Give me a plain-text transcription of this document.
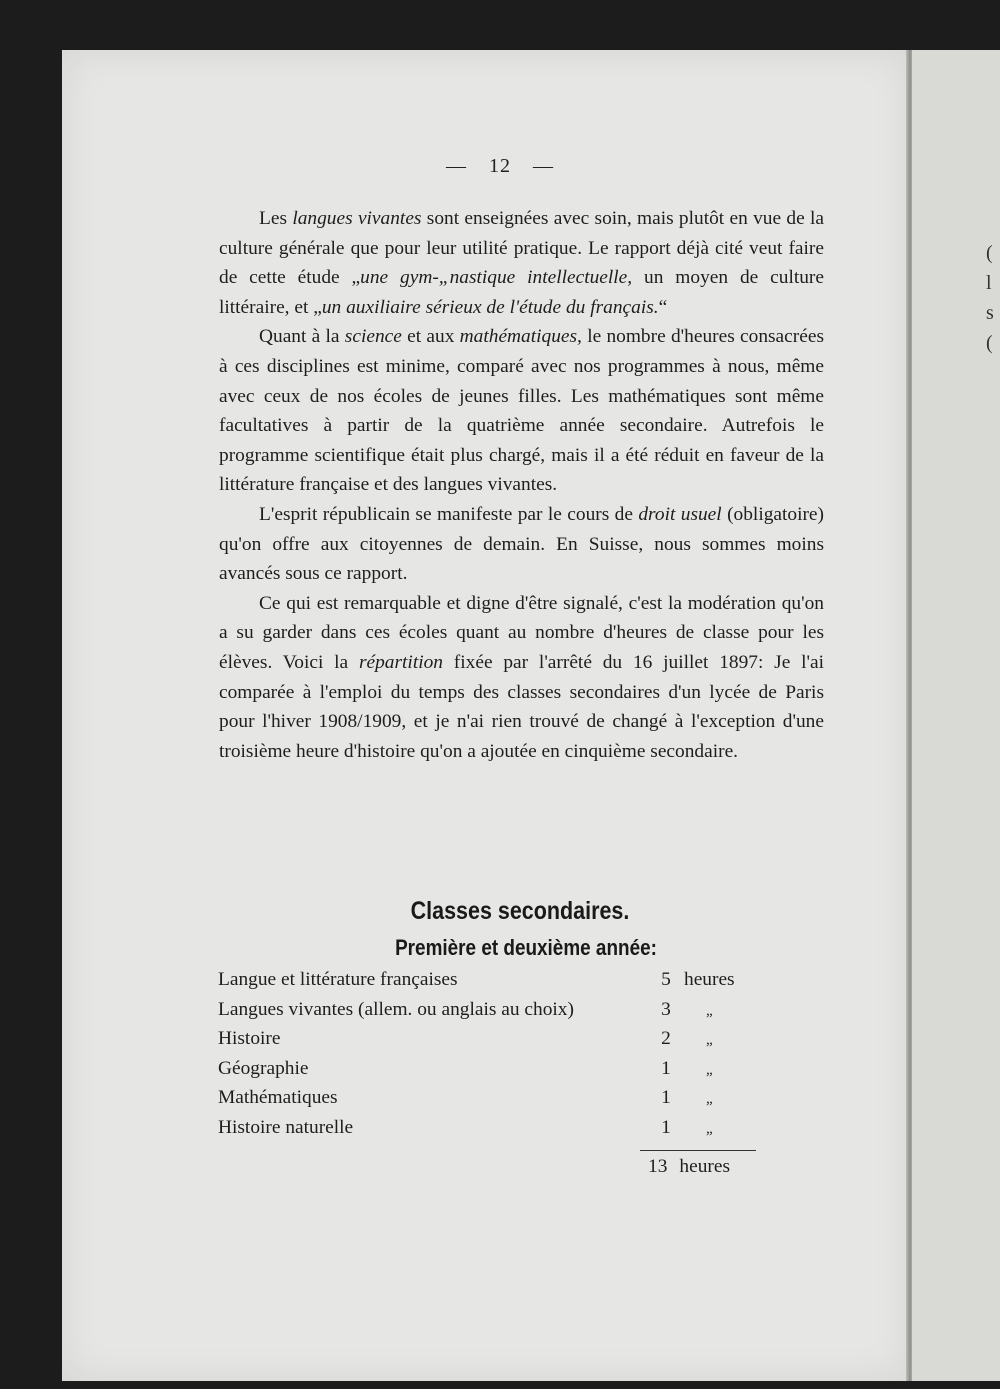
(
l
s
(
— 12 —

Les langues vivantes sont enseignées avec soin, mais plutôt en vue de la culture générale que pour leur utilité pratique. Le rapport déjà cité veut faire de cette étude „une gym-„nastique intellectuelle, un moyen de culture littéraire, et „un auxiliaire sérieux de l'étude du français.“

Quant à la science et aux mathématiques, le nombre d'heures consacrées à ces disciplines est minime, comparé avec nos programmes à nous, même avec ceux de nos écoles de jeunes filles. Les mathématiques sont même facultatives à partir de la quatrième année secondaire. Autrefois le programme scientifique était plus chargé, mais il a été réduit en faveur de la littérature française et des langues vivantes.

L'esprit républicain se manifeste par le cours de droit usuel (obligatoire) qu'on offre aux citoyennes de demain. En Suisse, nous sommes moins avancés sous ce rapport.

Ce qui est remarquable et digne d'être signalé, c'est la modération qu'on a su garder dans ces écoles quant au nombre d'heures de classe pour les élèves. Voici la répartition fixée par l'arrêté du 16 juillet 1897: Je l'ai comparée à l'emploi du temps des classes secondaires d'un lycée de Paris pour l'hiver 1908/1909, et je n'ai rien trouvé de changé à l'exception d'une troisième heure d'histoire qu'on a ajoutée en cinquième secondaire.

Classes secondaires.
Première et deuxième année:
Langue et littérature françaises	5 heures
Langues vivantes (allem. ou anglais au choix)	3 ”
Histoire	2 ”
Géographie	1 ”
Mathématiques	1 ”
Histoire naturelle	1 ”
13 heures
